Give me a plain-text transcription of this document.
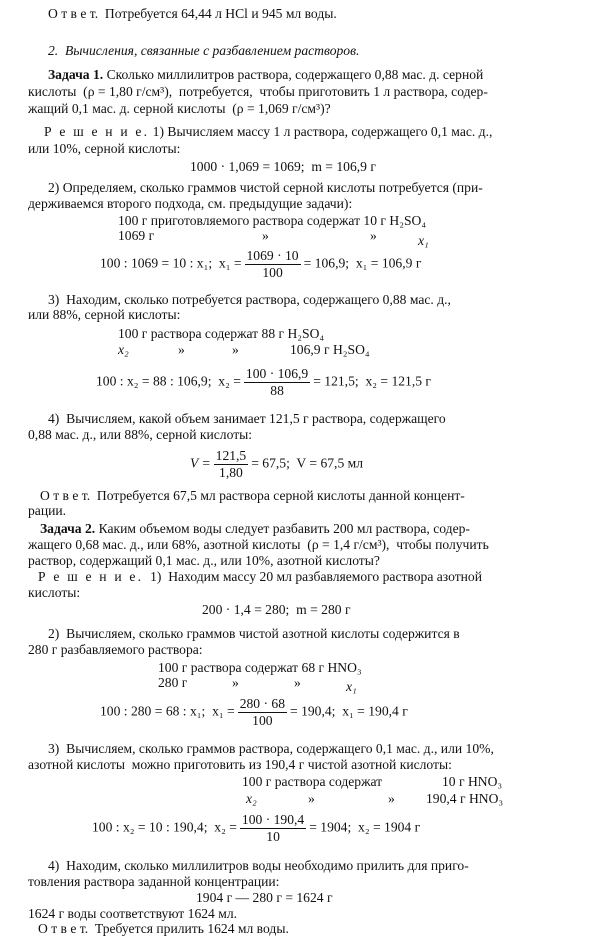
О т в е т.  Потребуется 64,44 л HCl и 945 мл воды.
2.  Вычисления, связанные с разбавлением растворов.
Задача 1. Сколько миллилитров раствора, содержащего 0,88 мас. д. серной
кислоты  (ρ = 1,80 г/см³),  потребуется,  чтобы приготовить 1 л раствора, содер-
жащий 0,1 мас. д. серной кислоты  (ρ = 1,069 г/см³)?
Р е ш е н и е. 1) Вычисляем массу 1 л раствора, содержащего 0,1 мас. д.,
или 10%, серной кислоты:
1000 · 1,069 = 1069;  m = 106,9 г
2) Определяем, сколько граммов чистой серной кислоты потребуется (при-
держиваемся второго подхода, см. предыдущие задачи):
100 г приготовляемого раствора содержат 10 г H₂SO₄
1069 г	»	»	x₁
100 : 1069 = 10 : x₁;  $x_1 = \frac{1069 \cdot 10}{100} = 106,9$;  x₁ = 106,9 г
3)  Находим, сколько потребуется раствора, содержащего 0,88 мас. д.,
или 88%, серной кислоты:
100 г раствора содержат 88 г H₂SO₄
x₂	»	»	106,9 г H₂SO₄
100 : x₂ = 88 : 106,9;  $x_2 = \frac{100 \cdot 106,9}{88} = 121,5$;  x₂ = 121,5 г
4)  Вычисляем, какой объем занимает 121,5 г раствора, содержащего
0,88 мас. д., или 88%, серной кислоты:
$V = \frac{121,5}{1,80} = 67,5$;  V = 67,5 мл
О т в е т.  Потребуется 67,5 мл раствора серной кислоты данной концент-
рации.
Задача 2. Каким объемом воды следует разбавить 200 мл раствора, содер-
жащего 0,68 мас. д., или 68%, азотной кислоты  (ρ = 1,4 г/см³),  чтобы получить
раствор, содержащий 0,1 мас. д., или 10%, азотной кислоты?
Р е ш е н и е.  1)  Находим массу 20 мл разбавляемого раствора азотной
кислоты:
200 · 1,4 = 280;  m = 280 г
2)  Вычисляем, сколько граммов чистой азотной кислоты содержится в
280 г разбавляемого раствора:
100 г раствора содержат 68 г HNO₃
280 г	»	»	x₁
100 : 280 = 68 : x₁;  $x_1 = \frac{280 \cdot 68}{100} = 190,4$;  x₁ = 190,4 г
3)  Вычисляем, сколько граммов раствора, содержащего 0,1 мас. д., или 10%,
азотной кислоты  можно приготовить из 190,4 г чистой азотной кислоты:
100 г раствора содержат	10 г HNO₃
x₂	»	» 190,4 г HNO₃
100 : x₂ = 10 : 190,4;  $x_2 = \frac{100 \cdot 190,4}{10} = 1904$;  x₂ = 1904 г
4)  Находим, сколько миллилитров воды необходимо прилить для приго-
товления раствора заданной концентрации:
1904 г — 280 г = 1624 г
1624 г воды соответствуют 1624 мл.
О т в е т.  Требуется прилить 1624 мл воды.
